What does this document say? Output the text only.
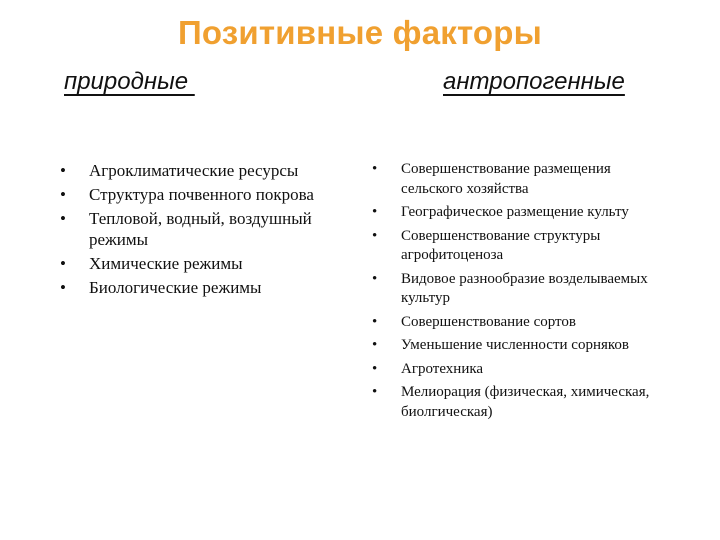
Позитивные факторы
природные	антропогенные
• Агроклиматические ресурсы
• Структура почвенного покрова
• Тепловой, водный, воздушный режимы
• Химические режимы
• Биологические режимы
• Совершенствование размещения сельского хозяйства
• Географическое размещение культу
• Совершенствование структуры агрофитоценоза
• Видовое разнообразие возделываемых культур
• Совершенствование сортов
• Уменьшение численности сорняков
• Агротехника
• Мелиорация (физическая, химическая, биолгическая)
